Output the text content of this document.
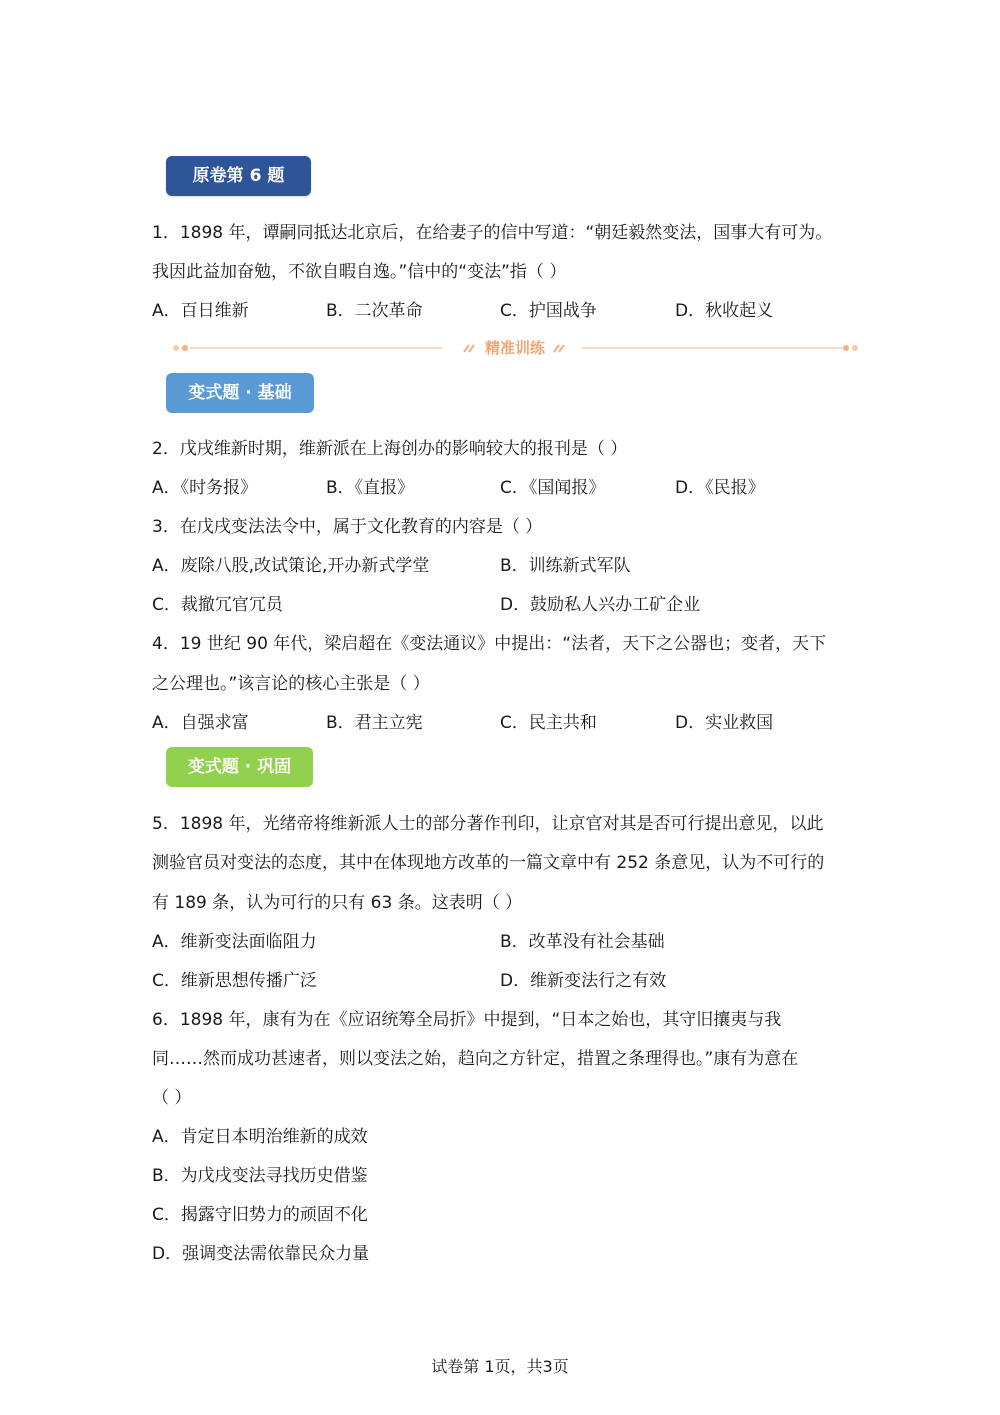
原卷第 6 题
1．1898 年，谭嗣同抵达北京后，在给妻子的信中写道：“朝廷毅然变法，国事大有可为。
我因此益加奋勉，不欲自暇自逸。”信中的“变法”指（ ）
A．百日维新	B．二次革命	C．护国战争	D．秋收起义
精准训练
变式题 · 基础
2．戊戌维新时期，维新派在上海创办的影响较大的报刊是（ ）
A．《时务报》	B．《直报》	C．《国闻报》	D．《民报》
3．在戊戌变法法令中，属于文化教育的内容是（ ）
A．废除八股,改试策论,开办新式学堂	B．训练新式军队
C．裁撤冗官冗员	D．鼓励私人兴办工矿企业
4．19 世纪 90 年代，梁启超在《变法通议》中提出：“法者，天下之公器也；变者，天下
之公理也。”该言论的核心主张是（ ）
A．自强求富	B．君主立宪	C．民主共和	D．实业救国
变式题 · 巩固
5．1898 年，光绪帝将维新派人士的部分著作刊印，让京官对其是否可行提出意见，以此
测验官员对变法的态度，其中在体现地方改革的一篇文章中有 252 条意见，认为不可行的
有 189 条，认为可行的只有 63 条。这表明（ ）
A．维新变法面临阻力	B．改革没有社会基础
C．维新思想传播广泛	D．维新变法行之有效
6．1898 年，康有为在《应诏统筹全局折》中提到，“日本之始也，其守旧攘夷与我
同……然而成功甚速者，则以变法之始，趋向之方针定，措置之条理得也。”康有为意在
（ ）
A．肯定日本明治维新的成效
B．为戊戌变法寻找历史借鉴
C．揭露守旧势力的顽固不化
D．强调变法需依靠民众力量
试卷第 1页，共3页
